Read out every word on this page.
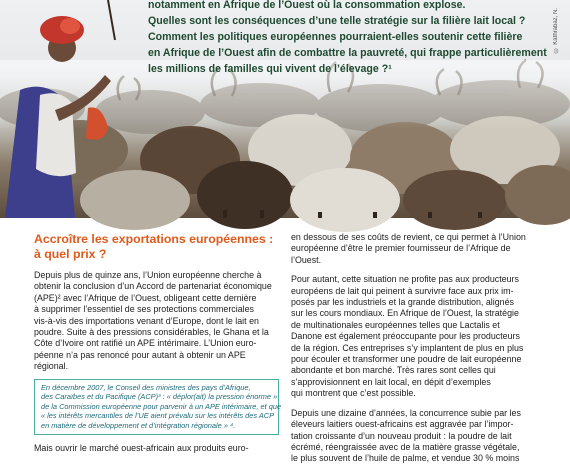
notamment en Afrique de l’Ouest où la consommation explose.
Quelles sont les conséquences d’une telle stratégie sur la filière lait local ?
Comment les politiques européennes pourraient-elles soutenir cette filière
en Afrique de l’Ouest afin de combattre la pauvreté, qui frappe particulièrement
les millions de familles qui vivent de l’élevage ?¹
© Kathrabaz, N.
Accroître les exportations européennes :
à quel prix ?
Depuis plus de quinze ans, l’Union européenne cherche à
obtenir la conclusion d’un Accord de partenariat économique
(APE)² avec l’Afrique de l’Ouest, obligeant cette dernière
à supprimer l’essentiel de ses protections commerciales
vis-à-vis des importations venant d’Europe, dont le lait en
poudre. Suite à des pressions considérables, le Ghana et la
Côte d’Ivoire ont ratifié un APE intérimaire. L’Union euro-
péenne n’a pas renoncé pour autant à obtenir un APE
régional.
En décembre 2007, le Conseil des ministres des pays d’Afrique,
des Caraïbes et du Pacifique (ACP)³ : « déplor(ait) la pression énorme »
de la Commission européenne pour parvenir à un APE intérimaire, et que
« les intérêts mercantiles de l’UE aient prévalu sur les intérêts des ACP
en matière de développement et d’intégration régionale » ⁴.
Mais ouvrir le marché ouest-africain aux produits euro-
en dessous de ses coûts de revient, ce qui permet à l’Union
européenne d’être le premier fournisseur de l’Afrique de
l’Ouest.
Pour autant, cette situation ne profite pas aux producteurs
européens de lait qui peinent à survivre face aux prix im-
posés par les industriels et la grande distribution, alignés
sur les cours mondiaux. En Afrique de l’Ouest, la stratégie
de multinationales européennes telles que Lactalis et
Danone est également préoccupante pour les producteurs
de la région. Ces entreprises s’y implantent de plus en plus
pour écouler et transformer une poudre de lait européenne
abondante et bon marché. Très rares sont celles qui
s’approvisionnent en lait local, en dépit d’exemples
qui montrent que c’est possible.
Depuis une dizaine d’années, la concurrence subie par les
éleveurs laitiers ouest-africains est aggravée par l’impor-
tation croissante d’un nouveau produit : la poudre de lait
écrémé, réengraissée avec de la matière grasse végétale,
le plus souvent de l’huile de palme, et vendue 30 % moins
